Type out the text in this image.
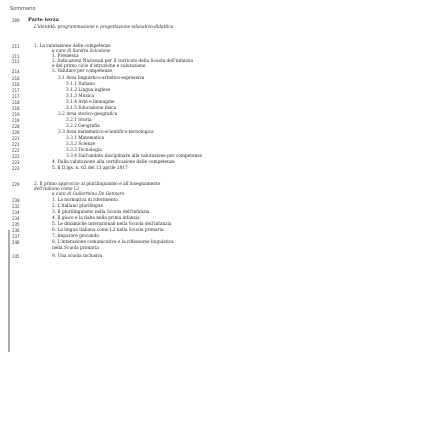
Sommario
209 Parte terza
L'identità: programmazione e progettazione educativo-didattica
211	1. La valutazione delle competenze
a cura di Sandra Scicolone
211	1. Premessa
212	2. Indicazioni Nazionali per il curricolo della Scuola dell'infanzia
e del primo ciclo d'istruzione e valutazione
214	3. Valutare per competenze
216	3.1 Area linguistico-artistico-espressiva
216	3.1.1 Italiano
217	3.1.2 Lingua inglese
217	3.1.3 Musica
218	3.1.4 Arte e immagine
218	3.1.5 Educazione fisica
219	3.2 Area storico-geografica
219	3.2.1 Storia
220	3.2.2 Geografia
220	3.3 Area matematico-scientifico-tecnologica
221	3.3.1 Matematica
221	3.3.2 Scienze
222	3.3.3 Tecnologia
222	3.3.4 Dall'ambito disciplinare alla valutazione per competenze
223	4. Dalla valutazione alla certificazione delle competenze
223	5. Il D.lgs. n. 62 del 13 aprile 2017
229	2. Il primo approccio al plurilinguismo e all'insegnamento
dell'italiano come L2
a cura di Guilermina De Gennaro
230	1. La normativa di riferimento
232	2. L'italiano plurilingue
234	3. Il plurilinguismo nella Scuola dell'infanzia
234	4. Il gioco e la fiaba nella prima infanzia
235	5. Le dinamiche interazionali nella Scuola dell'infanzia
236	6. La lingua italiana come L2 nella Scuola primaria
237	7. Imparare giocando
240	8. L'interazione comunicativa e la riflessione linguistica
nella Scuola primaria
245	9. Una scuola inclusiva
